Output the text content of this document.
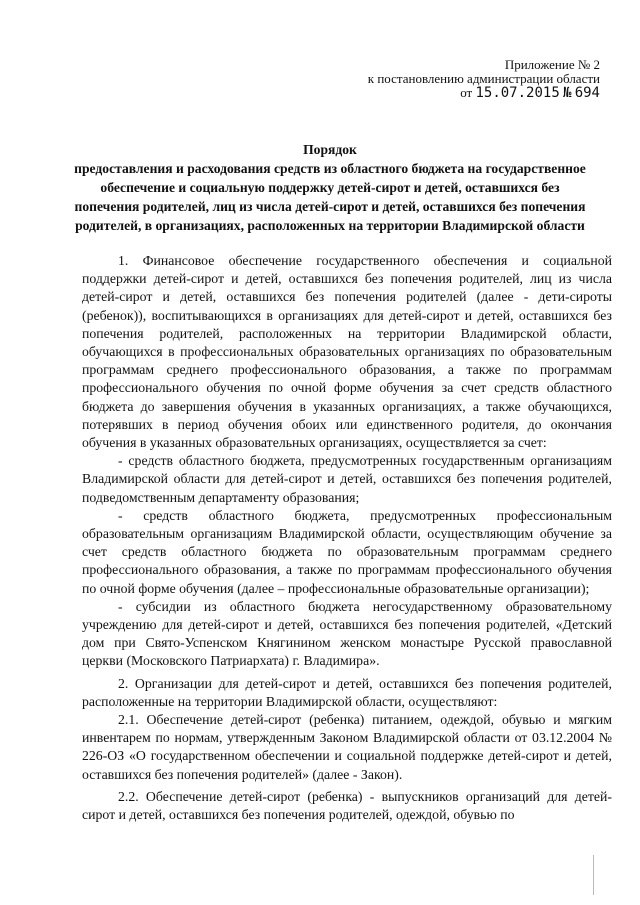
Приложение № 2
к постановлению администрации области
от 15.07.2015 № 694
Порядок
предоставления и расходования средств из областного бюджета на государственное обеспечение и социальную поддержку детей-сирот и детей, оставшихся без попечения родителей, лиц из числа детей-сирот и детей, оставшихся без попечения родителей, в организациях, расположенных на территории Владимирской области

1. Финансовое обеспечение государственного обеспечения и социальной поддержки детей-сирот и детей, оставшихся без попечения родителей, лиц из числа детей-сирот и детей, оставшихся без попечения родителей (далее - дети-сироты (ребенок)), воспитывающихся в организациях для детей-сирот и детей, оставшихся без попечения родителей, расположенных на территории Владимирской области, обучающихся в профессиональных образовательных организациях по образовательным программам среднего профессионального образования, а также по программам профессионального обучения по очной форме обучения за счет средств областного бюджета до завершения обучения в указанных организациях, а также обучающихся, потерявших в период обучения обоих или единственного родителя, до окончания обучения в указанных образовательных организациях, осуществляется за счет:

- средств областного бюджета, предусмотренных государственным организациям Владимирской области для детей-сирот и детей, оставшихся без попечения родителей, подведомственным департаменту образования;

- средств областного бюджета, предусмотренных профессиональным образовательным организациям Владимирской области, осуществляющим обучение за счет средств областного бюджета по образовательным программам среднего профессионального образования, а также по программам профессионального обучения по очной форме обучения (далее – профессиональные образовательные организации);

- субсидии из областного бюджета негосударственному образовательному учреждению для детей-сирот и детей, оставшихся без попечения родителей, «Детский дом при Свято-Успенском Княгинином женском монастыре Русской православной церкви (Московского Патриархата) г. Владимира».

2. Организации для детей-сирот и детей, оставшихся без попечения родителей, расположенные на территории Владимирской области, осуществляют:

2.1. Обеспечение детей-сирот (ребенка) питанием, одеждой, обувью и мягким инвентарем по нормам, утвержденным Законом Владимирской области от 03.12.2004 № 226-ОЗ «О государственном обеспечении и социальной поддержке детей-сирот и детей, оставшихся без попечения родителей» (далее - Закон).

2.2. Обеспечение детей-сирот (ребенка) - выпускников организаций для детей-сирот и детей, оставшихся без попечения родителей, одеждой, обувью по
